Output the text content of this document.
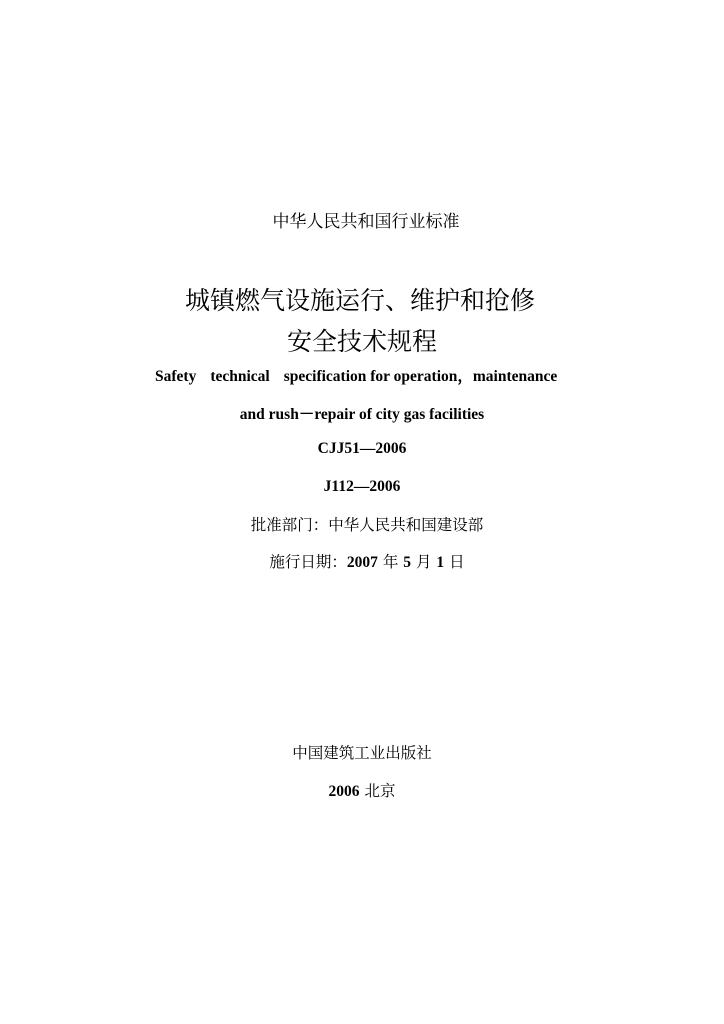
中华人民共和国行业标准
城镇燃气设施运行、维护和抢修
安全技术规程
Safety technical specification for operation，maintenance
and rush－repair of city gas facilities
CJJ51—2006
J112—2006
批准部门：中华人民共和国建设部
施行日期：2007 年 5 月 1 日
中国建筑工业出版社
2006 北京
